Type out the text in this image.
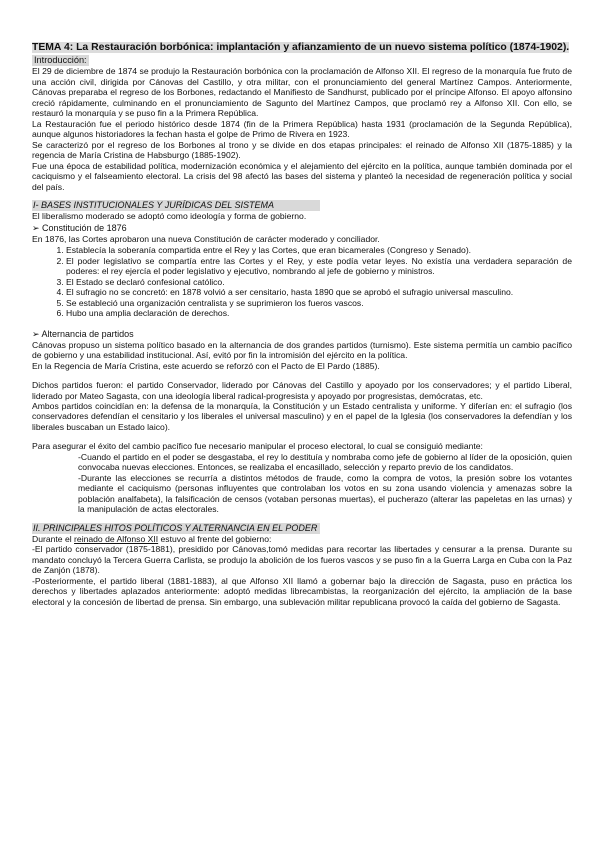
TEMA 4: La Restauración borbónica: implantación y afianzamiento de un nuevo sistema político (1874-1902).

Introducción:

El 29 de diciembre de 1874 se produjo la Restauración borbónica con la proclamación de Alfonso XII. El regreso de la monarquía fue fruto de una acción civil, dirigida por Cánovas del Castillo, y otra militar, con el pronunciamiento del general Martínez Campos. Anteriormente, Cánovas preparaba el regreso de los Borbones, redactando el Manifiesto de Sandhurst, publicado por el príncipe Alfonso. El apoyo alfonsino creció rápidamente, culminando en el pronunciamiento de Sagunto del Martínez Campos, que proclamó rey a Alfonso XII. Con ello, se restauró la monarquía y se puso fin a la Primera República.

La Restauración fue el periodo histórico desde 1874 (fin de la Primera República) hasta 1931 (proclamación de la Segunda República), aunque algunos historiadores la fechan hasta el golpe de Primo de Rivera en 1923.

Se caracterizó por el regreso de los Borbones al trono y se divide en dos etapas principales: el reinado de Alfonso XII (1875-1885) y la regencia de María Cristina de Habsburgo (1885-1902).

Fue una época de estabilidad política, modernización económica y el alejamiento del ejército en la política, aunque también dominada por el caciquismo y el falseamiento electoral. La crisis del 98 afectó las bases del sistema y planteó la necesidad de regeneración política y social del país.

I- BASES INSTITUCIONALES Y JURÍDICAS DEL SISTEMA

El liberalismo moderado se adoptó como ideología y forma de gobierno.

➢ Constitución de 1876

En 1876, las Cortes aprobaron una nueva Constitución de carácter moderado y conciliador.

1. Establecía la soberanía compartida entre el Rey y las Cortes, que eran bicamerales (Congreso y Senado).
2. El poder legislativo se compartía entre las Cortes y el Rey, y este podía vetar leyes. No existía una verdadera separación de poderes: el rey ejercía el poder legislativo y ejecutivo, nombrando al jefe de gobierno y ministros.
3. El Estado se declaró confesional católico.
4. El sufragio no se concretó: en 1878 volvió a ser censitario, hasta 1890 que se aprobó el sufragio universal masculino.
5. Se estableció una organización centralista y se suprimieron los fueros vascos.
6. Hubo una amplia declaración de derechos.
➢ Alternancia de partidos

Cánovas propuso un sistema político basado en la alternancia de dos grandes partidos (turnismo). Este sistema permitía un cambio pacífico de gobierno y una estabilidad institucional. Así, evitó por fin la intromisión del ejército en la política.

En la Regencia de María Cristina, este acuerdo se reforzó con el Pacto de El Pardo (1885).

Dichos partidos fueron: el partido Conservador, liderado por Cánovas del Castillo y apoyado por los conservadores; y el partido Liberal, liderado por Mateo Sagasta, con una ideología liberal radical-progresista y apoyado por progresistas, demócratas, etc.

Ambos partidos coincidían en: la defensa de la monarquía, la Constitución y un Estado centralista y uniforme. Y diferían en: el sufragio (los conservadores defendían el censitario y los liberales el universal masculino) y en el papel de la Iglesia (los conservadores la defendían y los liberales buscaban un Estado laico).

Para asegurar el éxito del cambio pacífico fue necesario manipular el proceso electoral, lo cual se consiguió mediante:

-Cuando el partido en el poder se desgastaba, el rey lo destituía y nombraba como jefe de gobierno al líder de la oposición, quien convocaba nuevas elecciones. Entonces, se realizaba el encasillado, selección y reparto previo de los candidatos.

-Durante las elecciones se recurría a distintos métodos de fraude, como la compra de votos, la presión sobre los votantes mediante el caciquismo (personas influyentes que controlaban los votos en su zona usando violencia y amenazas sobre la población analfabeta), la falsificación de censos (votaban personas muertas), el pucherazo (alterar las papeletas en las urnas) y la manipulación de actas electorales.

II. PRINCIPALES HITOS POLÍTICOS Y ALTERNANCIA EN EL PODER

Durante el reinado de Alfonso XII estuvo al frente del gobierno:

-El partido conservador (1875-1881), presidido por Cánovas,tomó medidas para recortar las libertades y censurar a la prensa. Durante su mandato concluyó la Tercera Guerra Carlista, se produjo la abolición de los fueros vascos y se puso fin a la Guerra Larga en Cuba con la Paz de Zanjón (1878).

-Posteriormente, el partido liberal (1881-1883), al que Alfonso XII llamó a gobernar bajo la dirección de Sagasta, puso en práctica los derechos y libertades aplazados anteriormente: adoptó medidas librecambistas, la reorganización del ejército, la ampliación de la base electoral y la concesión de libertad de prensa. Sin embargo, una sublevación militar republicana provocó la caída del gobierno de Sagasta.
